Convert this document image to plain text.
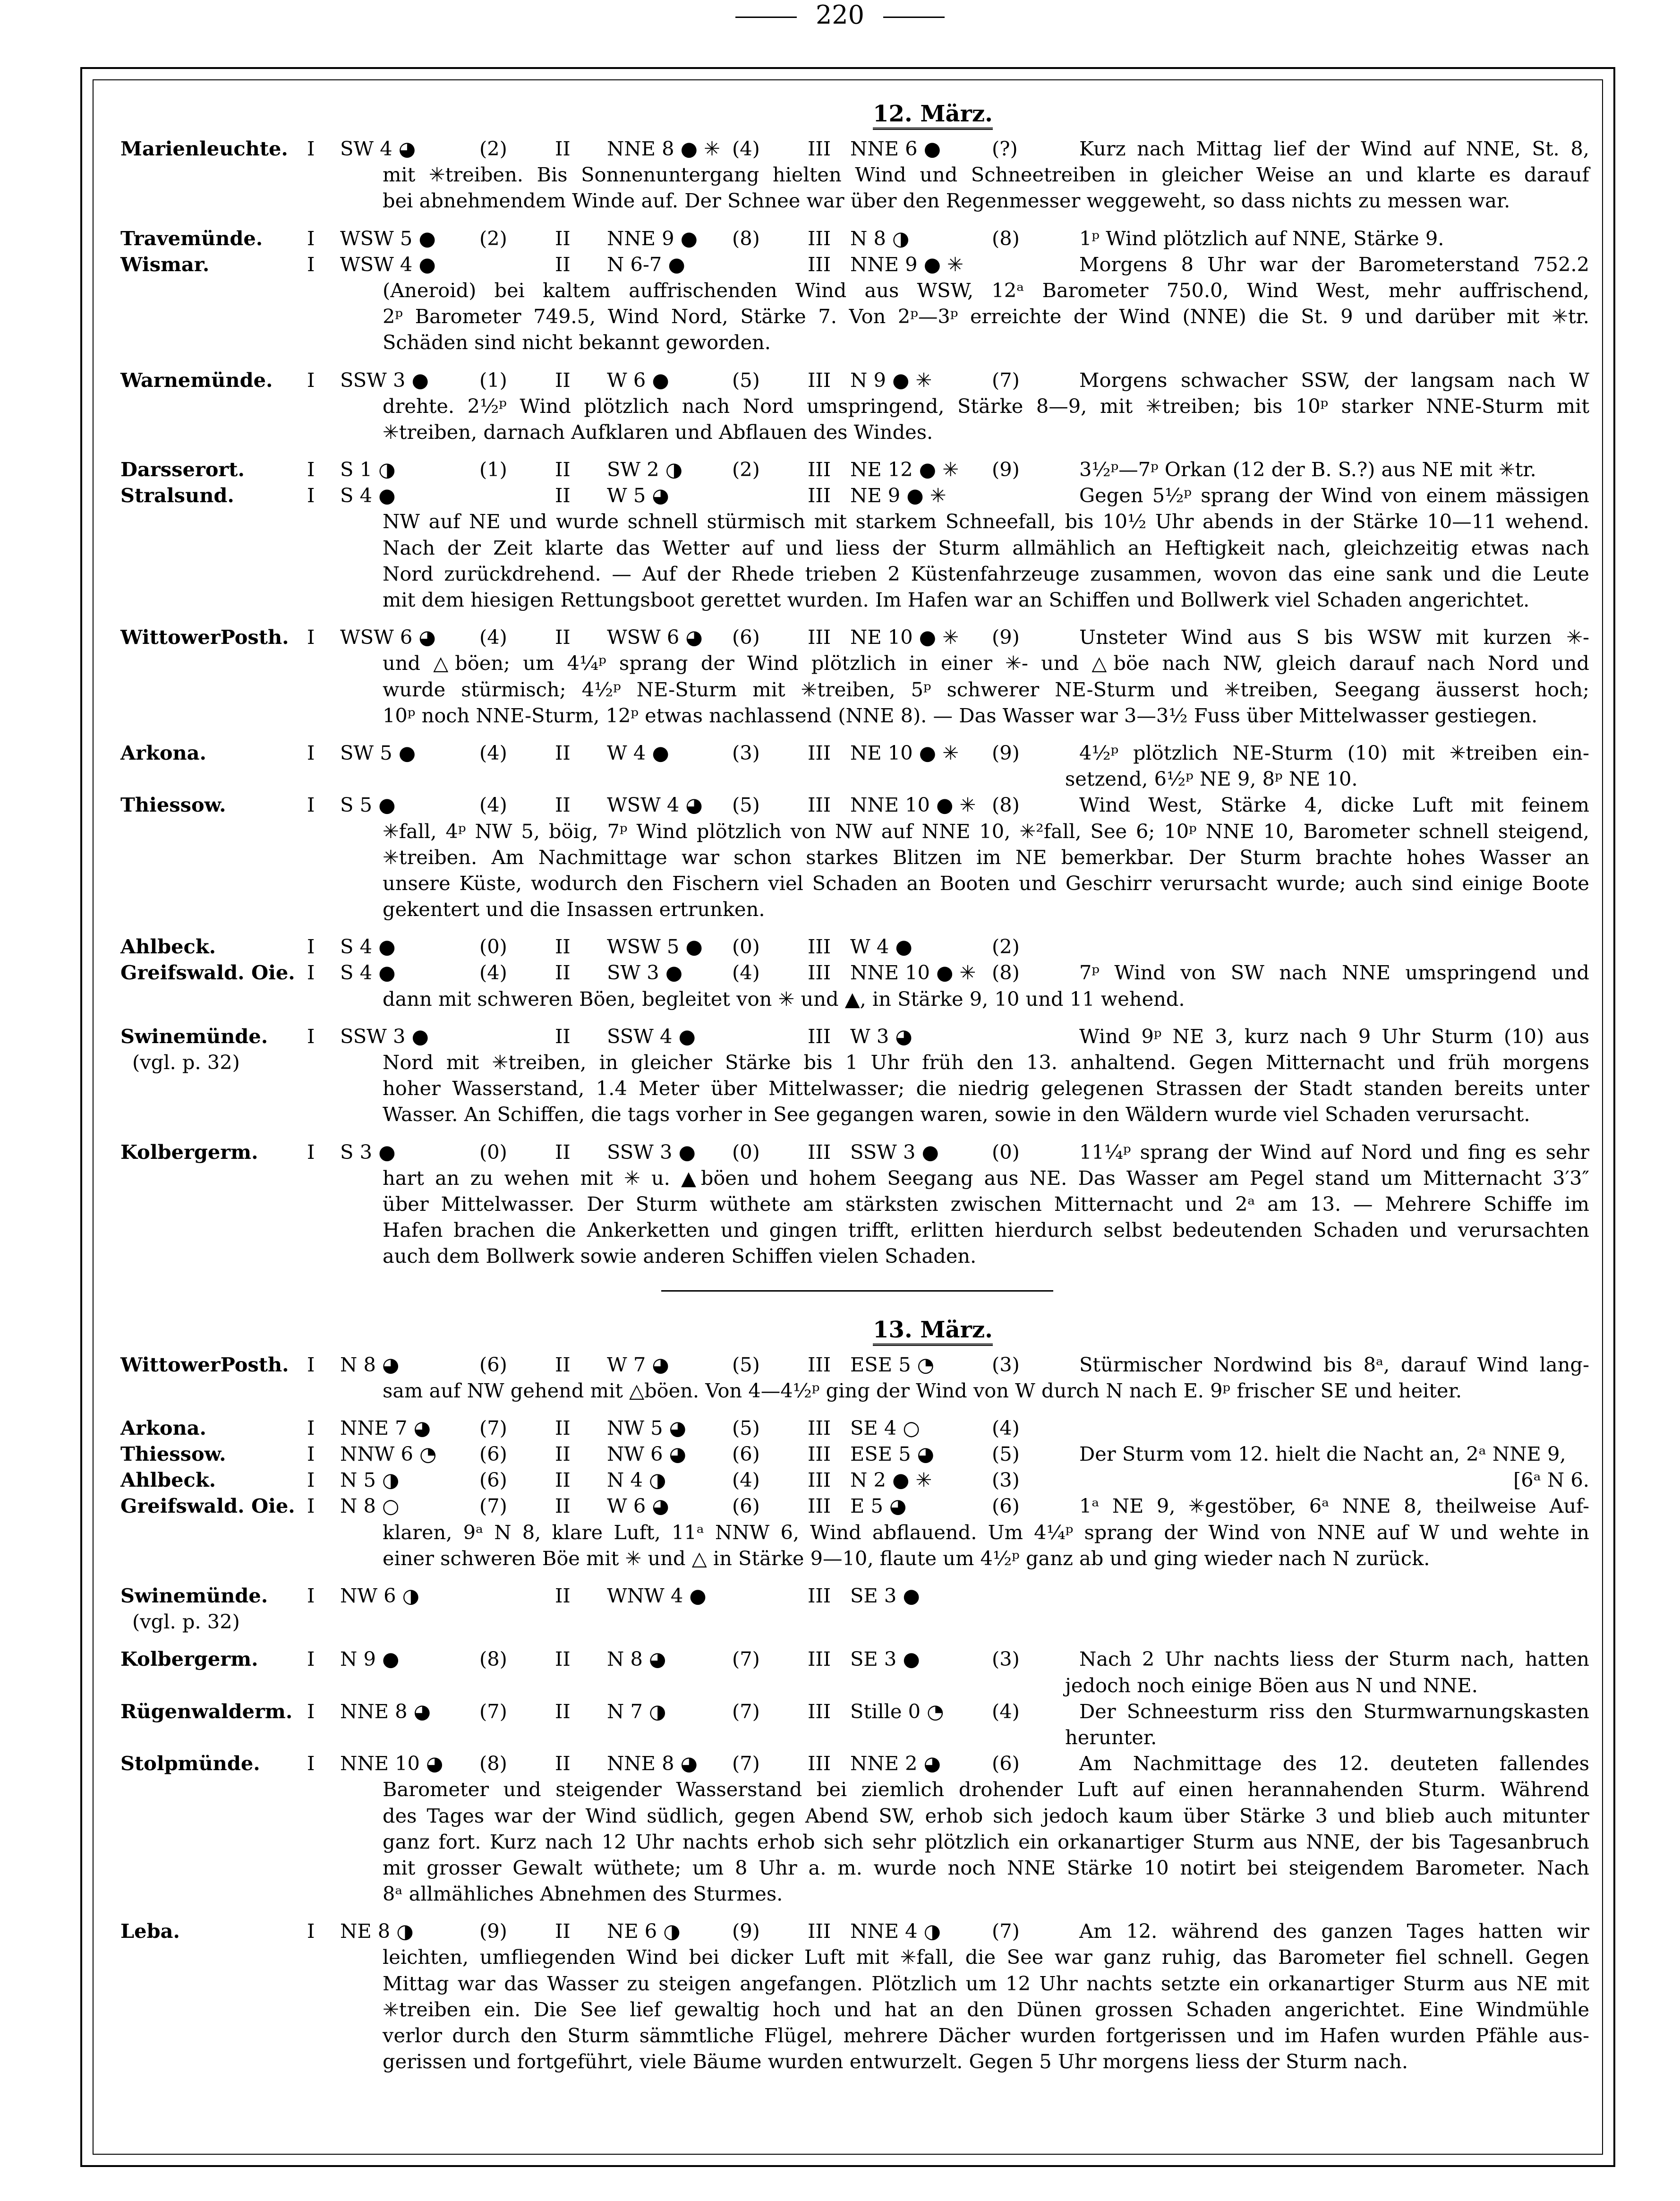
220
12. März.
Marienleuchte. I SW 4 ◕	(2) II NNE 8 ● ✳ (4) III NNE 6 ●	(?)	Kurz nach Mittag lief der Wind auf NNE, St. 8,
mit ✳treiben. Bis Sonnenuntergang hielten Wind und Schneetreiben in gleicher Weise an und klarte es darauf
bei abnehmendem Winde auf. Der Schnee war über den Regenmesser weggeweht, so dass nichts zu messen war.
Travemünde. I WSW 5 ● (2) II NNE 9 ● (8) III N 8 ◑	(8)	1ᵖ Wind plötzlich auf NNE, Stärke 9.
Wismar.	I WSW 4 ●	II N 6-7 ●	III NNE 9 ● ✳	Morgens 8 Uhr war der Barometerstand 752.2
(Aneroid) bei kaltem auffrischenden Wind aus WSW, 12ᵃ Barometer 750.0, Wind West, mehr auffrischend,
2ᵖ Barometer 749.5, Wind Nord, Stärke 7. Von 2ᵖ—3ᵖ erreichte der Wind (NNE) die St. 9 und darüber mit ✳tr.
Schäden sind nicht bekannt geworden.
Warnemünde. I SSW 3 ●	(1) II W 6 ●	(5) III N 9 ● ✳	(7)	Morgens schwacher SSW, der langsam nach W
drehte. 2½ᵖ Wind plötzlich nach Nord umspringend, Stärke 8—9, mit ✳treiben; bis 10ᵖ starker NNE-Sturm mit
✳treiben, darnach Aufklaren und Abflauen des Windes.
Darsserort.	I S 1 ◑	(1) II SW 2 ◑	(2) III NE 12 ● ✳ (9)	3½ᵖ—7ᵖ Orkan (12 der B. S.?) aus NE mit ✳tr.
Stralsund.	I S 4 ●	II W 5 ◕	III NE 9 ● ✳	Gegen 5½ᵖ sprang der Wind von einem mässigen
NW auf NE und wurde schnell stürmisch mit starkem Schneefall, bis 10½ Uhr abends in der Stärke 10—11 wehend.
Nach der Zeit klarte das Wetter auf und liess der Sturm allmählich an Heftigkeit nach, gleichzeitig etwas nach
Nord zurückdrehend. — Auf der Rhede trieben 2 Küstenfahrzeuge zusammen, wovon das eine sank und die Leute
mit dem hiesigen Rettungsboot gerettet wurden. Im Hafen war an Schiffen und Bollwerk viel Schaden angerichtet.
WittowerPosth. I WSW 6 ◕ (4) II WSW 6 ◕ (6) III NE 10 ● ✳ (9)	Unsteter Wind aus S bis WSW mit kurzen ✳-
und △böen; um 4¼ᵖ sprang der Wind plötzlich in einer ✳- und △böe nach NW, gleich darauf nach Nord und
wurde stürmisch; 4½ᵖ NE-Sturm mit ✳treiben, 5ᵖ schwerer NE-Sturm und ✳treiben, Seegang äusserst hoch;
10ᵖ noch NNE-Sturm, 12ᵖ etwas nachlassend (NNE 8). — Das Wasser war 3—3½ Fuss über Mittelwasser gestiegen.
Arkona.	I SW 5 ●	(4) II W 4 ●	(3) III NE 10 ● ✳ (9)	4½ᵖ plötzlich NE-Sturm (10) mit ✳treiben ein-
setzend, 6½ᵖ NE 9, 8ᵖ NE 10.
Thiessow.	I S 5 ●	(4) II WSW 4 ◕ (5) III NNE 10 ● ✳ (8)	Wind West, Stärke 4, dicke Luft mit feinem
✳fall, 4ᵖ NW 5, böig, 7ᵖ Wind plötzlich von NW auf NNE 10, ✳²fall, See 6; 10ᵖ NNE 10, Barometer schnell steigend,
✳treiben. Am Nachmittage war schon starkes Blitzen im NE bemerkbar. Der Sturm brachte hohes Wasser an
unsere Küste, wodurch den Fischern viel Schaden an Booten und Geschirr verursacht wurde; auch sind einige Boote
gekentert und die Insassen ertrunken.
Ahlbeck.	I S 4 ●	(0) II WSW 5 ● (0) III W 4 ●	(2)
Greifswald. Oie. I S 4 ●	(4) II SW 3 ●	(4) III NNE 10 ● ✳ (8)	7ᵖ Wind von SW nach NNE umspringend und
dann mit schweren Böen, begleitet von ✳ und ▲, in Stärke 9, 10 und 11 wehend.
Swinemünde. I SSW 3 ●	II SSW 4 ●	III W 3 ◕	Wind 9ᵖ NE 3, kurz nach 9 Uhr Sturm (10) aus
(vgl. p. 32)	Nord mit ✳treiben, in gleicher Stärke bis 1 Uhr früh den 13. anhaltend. Gegen Mitternacht und früh morgens
hoher Wasserstand, 1.4 Meter über Mittelwasser; die niedrig gelegenen Strassen der Stadt standen bereits unter
Wasser. An Schiffen, die tags vorher in See gegangen waren, sowie in den Wäldern wurde viel Schaden verursacht.
Kolbergerm. I S 3 ●	(0) II SSW 3 ● (0) III SSW 3 ●	(0)	11¼ᵖ sprang der Wind auf Nord und fing es sehr
hart an zu wehen mit ✳ u. ▲böen und hohem Seegang aus NE. Das Wasser am Pegel stand um Mitternacht 3′3″
über Mittelwasser. Der Sturm wüthete am stärksten zwischen Mitternacht und 2ᵃ am 13. — Mehrere Schiffe im
Hafen brachen die Ankerketten und gingen trifft, erlitten hierdurch selbst bedeutenden Schaden und verursachten
auch dem Bollwerk sowie anderen Schiffen vielen Schaden.
13. März.
WittowerPosth. I N 8 ◕	(6) II W 7 ◕	(5) III ESE 5 ◔	(3)	Stürmischer Nordwind bis 8ᵃ, darauf Wind lang-
sam auf NW gehend mit △böen. Von 4—4½ᵖ ging der Wind von W durch N nach E. 9ᵖ frischer SE und heiter.
Arkona.	I NNE 7 ◕ (7) II NW 5 ◕ (5) III SE 4 ○	(4)
Thiessow.	I NNW 6 ◔ (6) II NW 6 ◕ (6) III ESE 5 ◕	(5)	Der Sturm vom 12. hielt die Nacht an, 2ᵃ NNE 9,
Ahlbeck.	I N 5 ◑	(6) II N 4 ◑	(4) III N 2 ● ✳	(3)	[6ᵃ N 6.
Greifswald. Oie. I N 8 ○	(7) II W 6 ◕	(6) III E 5 ◕	(6)	1ᵃ NE 9, ✳gestöber, 6ᵃ NNE 8, theilweise Auf-
klaren, 9ᵃ N 8, klare Luft, 11ᵃ NNW 6, Wind abflauend. Um 4¼ᵖ sprang der Wind von NNE auf W und wehte in
einer schweren Böe mit ✳ und △ in Stärke 9—10, flaute um 4½ᵖ ganz ab und ging wieder nach N zurück.
Swinemünde. I NW 6 ◑	II WNW 4 ●	III SE 3 ●
(vgl. p. 32)
Kolbergerm. I N 9 ●	(8) II N 8 ◕	(7) III SE 3 ●	(3)	Nach 2 Uhr nachts liess der Sturm nach, hatten
jedoch noch einige Böen aus N und NNE.
Rügenwalderm. I NNE 8 ◕ (7) II N 7 ◑	(7) III Stille 0 ◔ (4)	Der Schneesturm riss den Sturmwarnungskasten
herunter.
Stolpmünde. I NNE 10 ◕ (8) II NNE 8 ◕ (7) III NNE 2 ◕	(6)	Am Nachmittage des 12. deuteten fallendes
Barometer und steigender Wasserstand bei ziemlich drohender Luft auf einen herannahenden Sturm. Während
des Tages war der Wind südlich, gegen Abend SW, erhob sich jedoch kaum über Stärke 3 und blieb auch mitunter
ganz fort. Kurz nach 12 Uhr nachts erhob sich sehr plötzlich ein orkanartiger Sturm aus NNE, der bis Tagesanbruch
mit grosser Gewalt wüthete; um 8 Uhr a. m. wurde noch NNE Stärke 10 notirt bei steigendem Barometer. Nach
8ᵃ allmähliches Abnehmen des Sturmes.
Leba.	I NE 8 ◑	(9) II NE 6 ◑	(9) III NNE 4 ◑	(7)	Am 12. während des ganzen Tages hatten wir
leichten, umfliegenden Wind bei dicker Luft mit ✳fall, die See war ganz ruhig, das Barometer fiel schnell. Gegen
Mittag war das Wasser zu steigen angefangen. Plötzlich um 12 Uhr nachts setzte ein orkanartiger Sturm aus NE mit
✳treiben ein. Die See lief gewaltig hoch und hat an den Dünen grossen Schaden angerichtet. Eine Windmühle
verlor durch den Sturm sämmtliche Flügel, mehrere Dächer wurden fortgerissen und im Hafen wurden Pfähle aus-
gerissen und fortgeführt, viele Bäume wurden entwurzelt. Gegen 5 Uhr morgens liess der Sturm nach.
